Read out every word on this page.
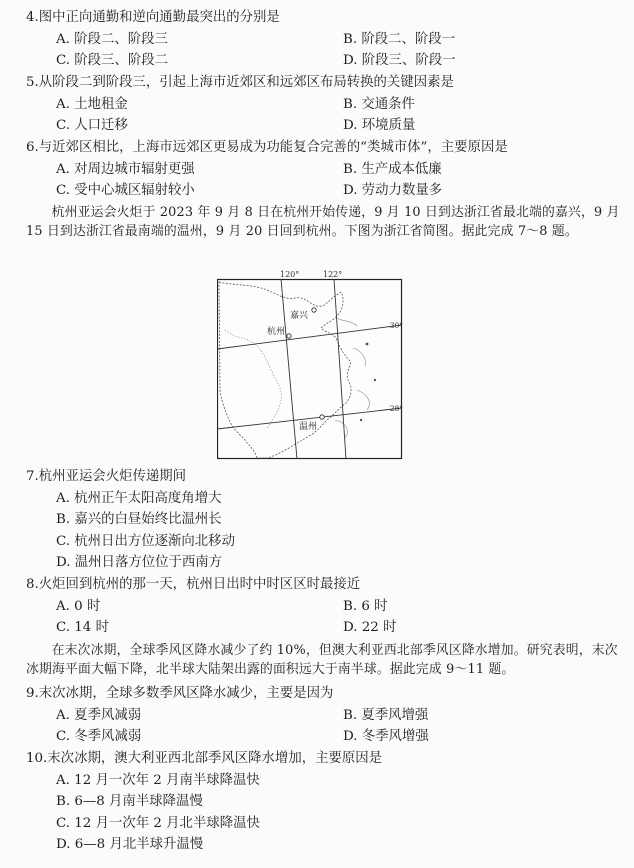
4.图中正向通勤和逆向通勤最突出的分别是
A. 阶段二、阶段三	B. 阶段二、阶段一
C. 阶段三、阶段二	D. 阶段三、阶段一
5.从阶段二到阶段三，引起上海市近郊区和远郊区布局转换的关键因素是
A. 土地租金	B. 交通条件
C. 人口迁移	D. 环境质量
6.与近郊区相比，上海市远郊区更易成为功能复合完善的“类城市体”，主要原因是
A. 对周边城市辐射更强	B. 生产成本低廉
C. 受中心城区辐射较小	D. 劳动力数量多
杭州亚运会火炬于 2023 年 9 月 8 日在杭州开始传递，9 月 10 日到达浙江省最北端的嘉兴，9 月 15 日到达浙江省最南端的温州，9 月 20 日回到杭州。下图为浙江省简图。据此完成 7～8 题。
120°	122°
30°
28°
嘉兴
杭州
温州
7.杭州亚运会火炬传递期间
A. 杭州正午太阳高度角增大
B. 嘉兴的白昼始终比温州长
C. 杭州日出方位逐渐向北移动
D. 温州日落方位位于西南方
8.火炬回到杭州的那一天，杭州日出时中时区区时最接近
A. 0 时	B. 6 时
C. 14 时	D. 22 时
在末次冰期，全球季风区降水减少了约 10%，但澳大利亚西北部季风区降水增加。研究表明，末次冰期海平面大幅下降，北半球大陆架出露的面积远大于南半球。据此完成 9～11 题。
9.末次冰期，全球多数季风区降水减少，主要是因为
A. 夏季风减弱	B. 夏季风增强
C. 冬季风减弱	D. 冬季风增强
10.末次冰期，澳大利亚西北部季风区降水增加，主要原因是
A. 12 月一次年 2 月南半球降温快
B. 6—8 月南半球降温慢
C. 12 月一次年 2 月北半球降温快
D. 6—8 月北半球升温慢
